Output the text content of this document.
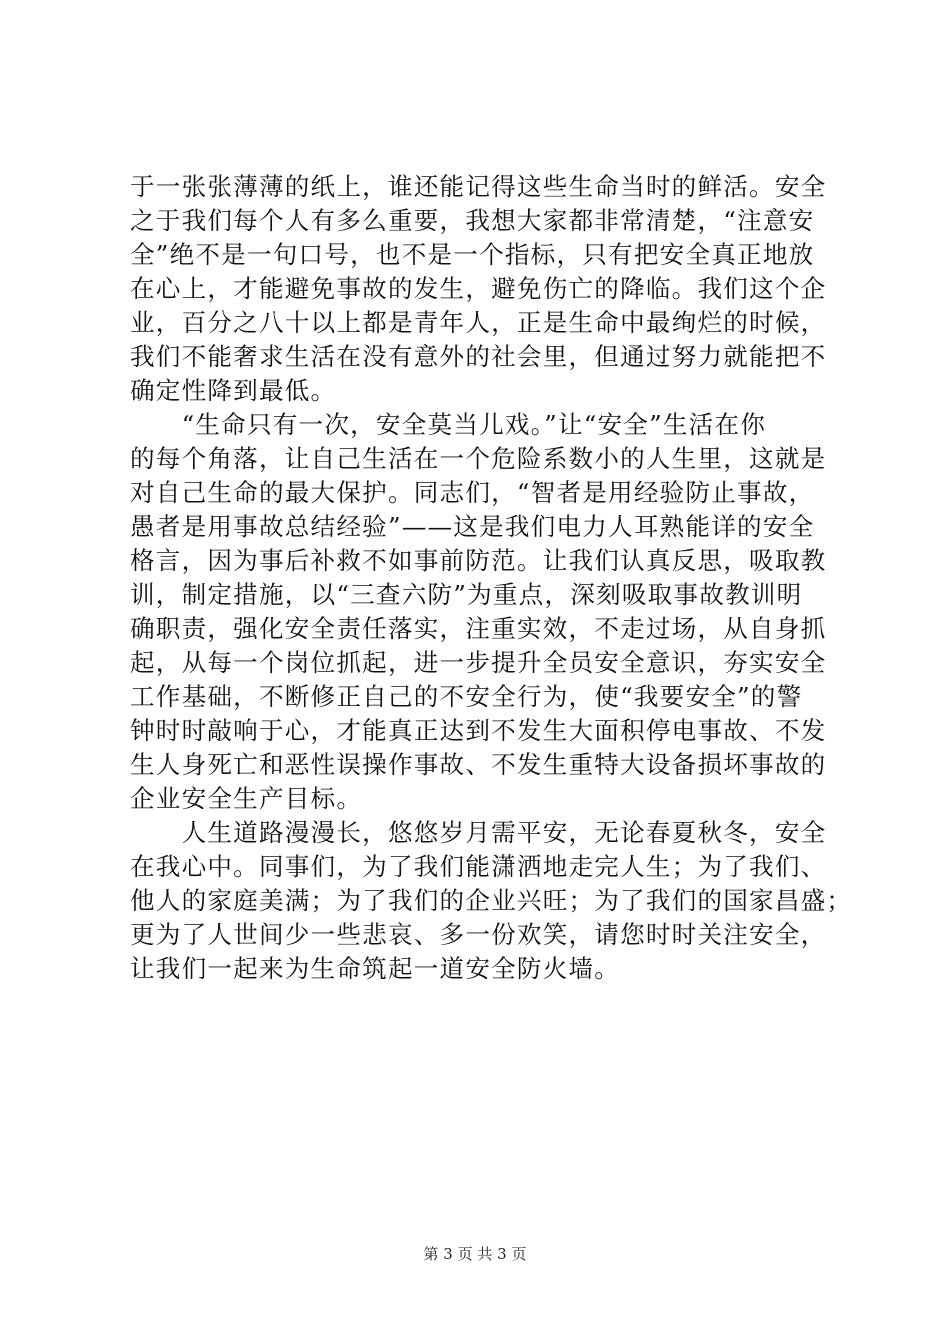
于一张张薄薄的纸上，谁还能记得这些生命当时的鲜活。安全
之于我们每个人有多么重要，我想大家都非常清楚，“注意安
全”绝不是一句口号，也不是一个指标，只有把安全真正地放
在心上，才能避免事故的发生，避免伤亡的降临。我们这个企
业，百分之八十以上都是青年人，正是生命中最绚烂的时候，
我们不能奢求生活在没有意外的社会里，但通过努力就能把不
确定性降到最低。
　　“生命只有一次，安全莫当儿戏。”让“安全”生活在你
的每个角落，让自己生活在一个危险系数小的人生里，这就是
对自己生命的最大保护。同志们，“智者是用经验防止事故，
愚者是用事故总结经验”——这是我们电力人耳熟能详的安全
格言，因为事后补救不如事前防范。让我们认真反思，吸取教
训，制定措施，以“三查六防”为重点，深刻吸取事故教训明
确职责，强化安全责任落实，注重实效，不走过场，从自身抓
起，从每一个岗位抓起，进一步提升全员安全意识，夯实安全
工作基础，不断修正自己的不安全行为，使“我要安全”的警
钟时时敲响于心，才能真正达到不发生大面积停电事故、不发
生人身死亡和恶性误操作事故、不发生重特大设备损坏事故的
企业安全生产目标。
　　人生道路漫漫长，悠悠岁月需平安，无论春夏秋冬，安全
在我心中。同事们，为了我们能潇洒地走完人生；为了我们、
他人的家庭美满；为了我们的企业兴旺；为了我们的国家昌盛；
更为了人世间少一些悲哀、多一份欢笑，请您时时关注安全，
让我们一起来为生命筑起一道安全防火墙。
第 3 页 共 3 页
